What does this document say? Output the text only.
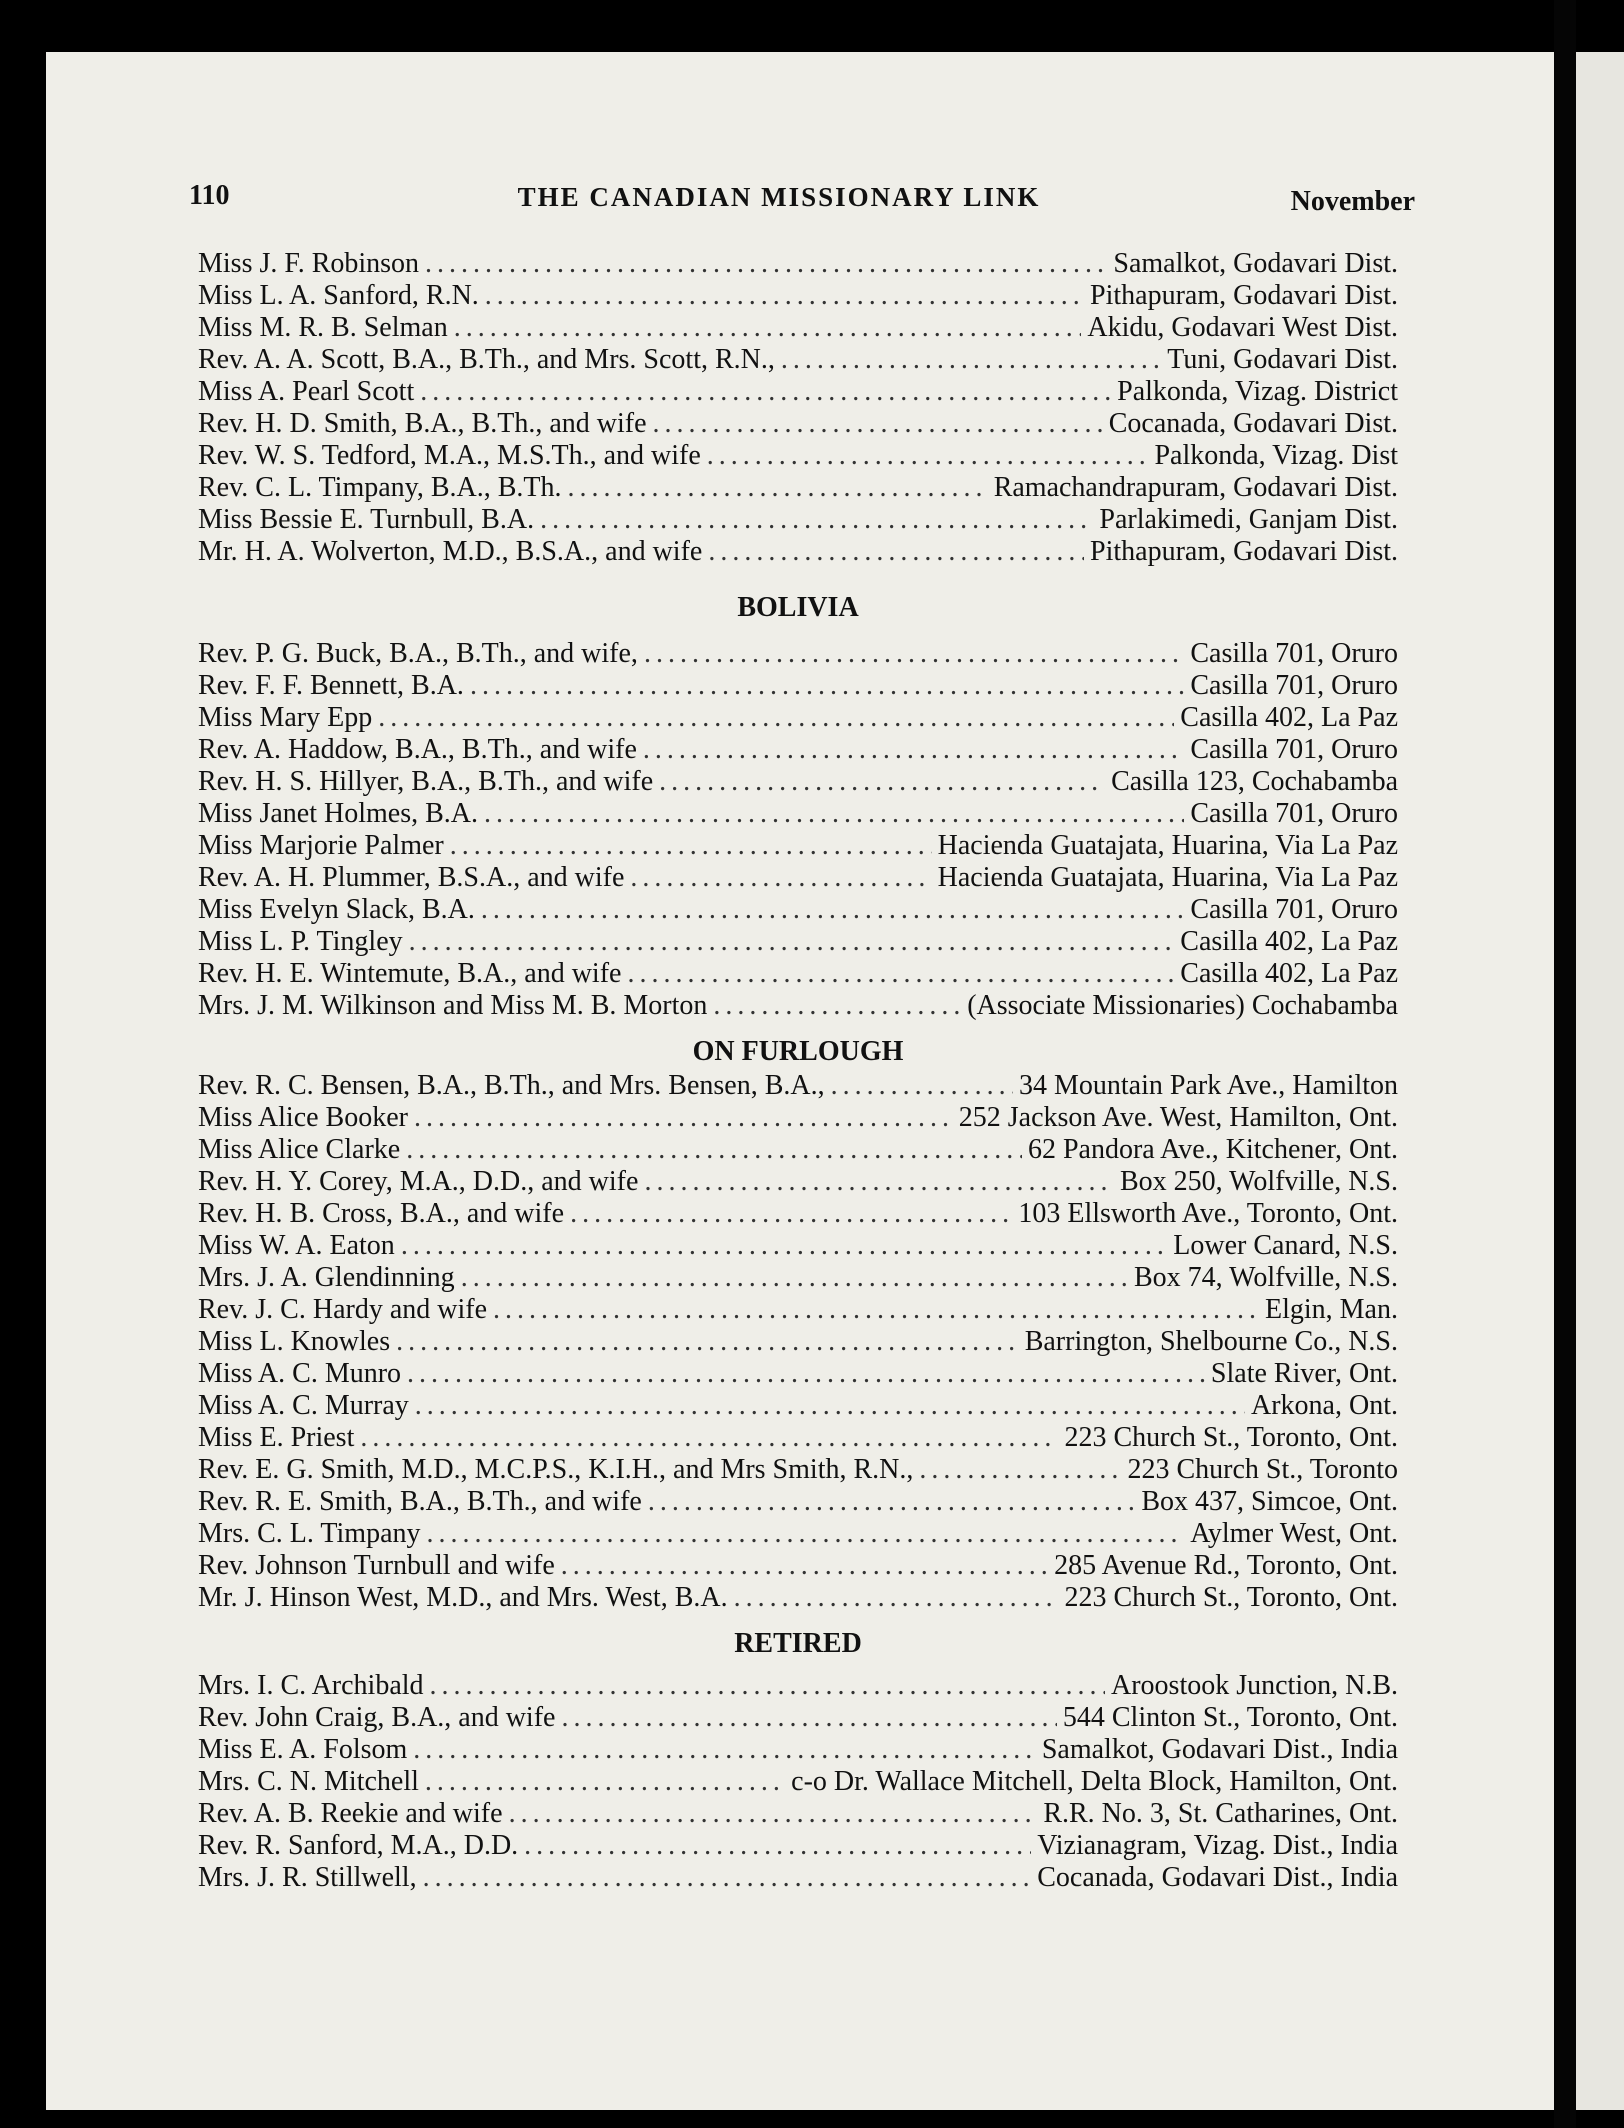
110	THE CANADIAN MISSIONARY LINK	November
Miss J. F. Robinson .....	Samalkot, Godavari Dist.
Miss L. A. Sanford, R.N. .....	Pithapuram, Godavari Dist.
Miss M. R. B. Selman .....	Akidu, Godavari West Dist.
Rev. A. A. Scott, B.A., B.Th., and Mrs. Scott, R.N., .....	Tuni, Godavari Dist.
Miss A. Pearl Scott .....	Palkonda, Vizag. District
Rev. H. D. Smith, B.A., B.Th., and wife .....	Cocanada, Godavari Dist.
Rev. W. S. Tedford, M.A., M.S.Th., and wife .....	Palkonda, Vizag. Dist
Rev. C. L. Timpany, B.A., B.Th. .....	Ramachandrapuram, Godavari Dist.
Miss Bessie E. Turnbull, B.A. .....	Parlakimedi, Ganjam Dist.
Mr. H. A. Wolverton, M.D., B.S.A., and wife .....	Pithapuram, Godavari Dist.
BOLIVIA
Rev. P. G. Buck, B.A., B.Th., and wife, .....	Casilla 701, Oruro
Rev. F. F. Bennett, B.A. .....	Casilla 701, Oruro
Miss Mary Epp .....	Casilla 402, La Paz
Rev. A. Haddow, B.A., B.Th., and wife .....	Casilla 701, Oruro
Rev. H. S. Hillyer, B.A., B.Th., and wife .....	Casilla 123, Cochabamba
Miss Janet Holmes, B.A. .....	Casilla 701, Oruro
Miss Marjorie Palmer .....	Hacienda Guatajata, Huarina, Via La Paz
Rev. A. H. Plummer, B.S.A., and wife .....	Hacienda Guatajata, Huarina, Via La Paz
Miss Evelyn Slack, B.A. .....	Casilla 701, Oruro
Miss L. P. Tingley .....	Casilla 402, La Paz
Rev. H. E. Wintemute, B.A., and wife .....	Casilla 402, La Paz
Mrs. J. M. Wilkinson and Miss M. B. Morton .....	(Associate Missionaries) Cochabamba
ON FURLOUGH
Rev. R. C. Bensen, B.A., B.Th., and Mrs. Bensen, B.A., .....	34 Mountain Park Ave., Hamilton
Miss Alice Booker .....	252 Jackson Ave. West, Hamilton, Ont.
Miss Alice Clarke .....	62 Pandora Ave., Kitchener, Ont.
Rev. H. Y. Corey, M.A., D.D., and wife .....	Box 250, Wolfville, N.S.
Rev. H. B. Cross, B.A., and wife .....	103 Ellsworth Ave., Toronto, Ont.
Miss W. A. Eaton .....	Lower Canard, N.S.
Mrs. J. A. Glendinning .....	Box 74, Wolfville, N.S.
Rev. J. C. Hardy and wife .....	Elgin, Man.
Miss L. Knowles .....	Barrington, Shelbourne Co., N.S.
Miss A. C. Munro .....	Slate River, Ont.
Miss A. C. Murray .....	Arkona, Ont.
Miss E. Priest .....	223 Church St., Toronto, Ont.
Rev. E. G. Smith, M.D., M.C.P.S., K.I.H., and Mrs Smith, R.N., .....	223 Church St., Toronto
Rev. R. E. Smith, B.A., B.Th., and wife .....	Box 437, Simcoe, Ont.
Mrs. C. L. Timpany .....	Aylmer West, Ont.
Rev. Johnson Turnbull and wife .....	285 Avenue Rd., Toronto, Ont.
Mr. J. Hinson West, M.D., and Mrs. West, B.A. .....	223 Church St., Toronto, Ont.
RETIRED
Mrs. I. C. Archibald .....	Aroostook Junction, N.B.
Rev. John Craig, B.A., and wife .....	544 Clinton St., Toronto, Ont.
Miss E. A. Folsom .....	Samalkot, Godavari Dist., India
Mrs. C. N. Mitchell .....	c-o Dr. Wallace Mitchell, Delta Block, Hamilton, Ont.
Rev. A. B. Reekie and wife .....	R.R. No. 3, St. Catharines, Ont.
Rev. R. Sanford, M.A., D.D. .....	Vizianagram, Vizag. Dist., India
Mrs. J. R. Stillwell, .....	Cocanada, Godavari Dist., India
